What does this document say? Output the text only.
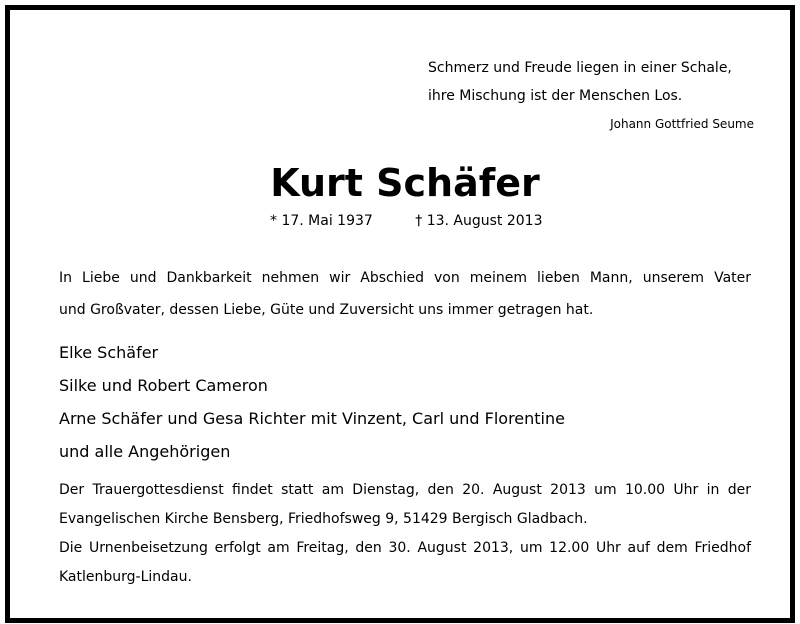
Schmerz und Freude liegen in einer Schale,
ihre Mischung ist der Menschen Los.
Johann Gottfried Seume
Kurt Schäfer
* 17. Mai 1937	† 13. August 2013

In Liebe und Dankbarkeit nehmen wir Abschied von meinem lieben Mann, unserem Vater

und Großvater, dessen Liebe, Güte und Zuversicht uns immer getragen hat.

Elke Schäfer
Silke und Robert Cameron
Arne Schäfer und Gesa Richter mit Vinzent, Carl und Florentine
und alle Angehörigen
Der Trauergottesdienst findet statt am Dienstag, den 20. August 2013 um 10.00 Uhr in der
Evangelischen Kirche Bensberg, Friedhofsweg 9, 51429 Bergisch Gladbach.
Die Urnenbeisetzung erfolgt am Freitag, den 30. August 2013, um 12.00 Uhr auf dem Friedhof
Katlenburg-Lindau.
